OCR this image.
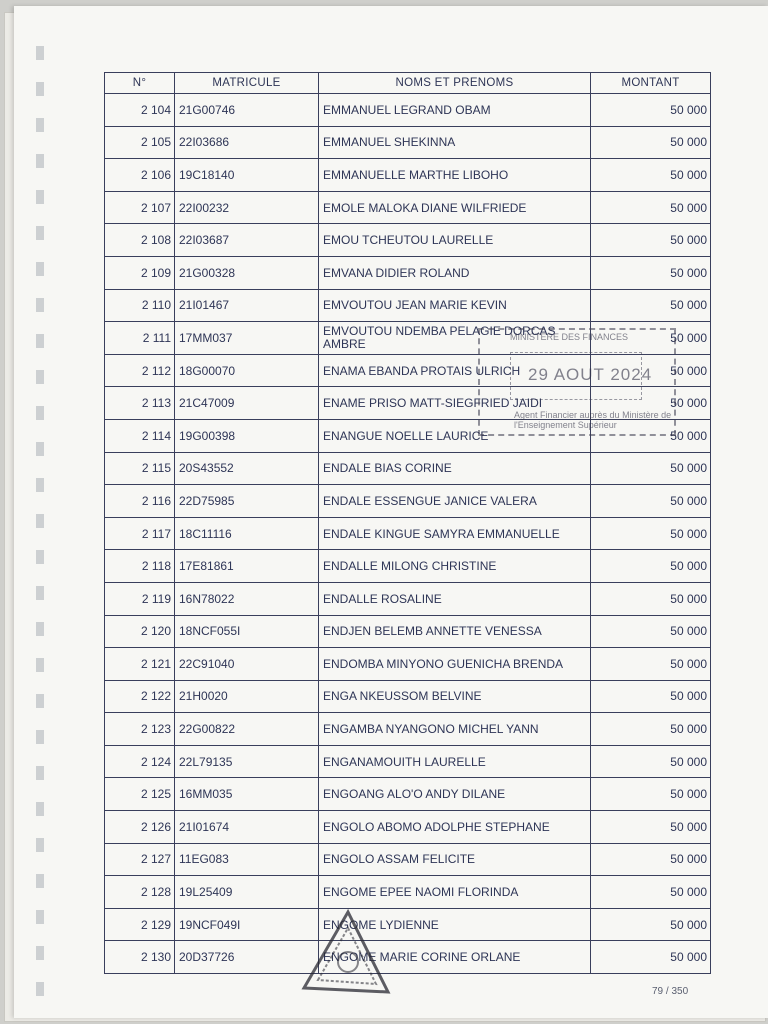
N°	MATRICULE	NOMS ET PRENOMS	MONTANT
2 104	21G00746	EMMANUEL LEGRAND OBAM	50 000
2 105	22I03686	EMMANUEL SHEKINNA	50 000
2 106	19C18140	EMMANUELLE MARTHE LIBOHO	50 000
2 107	22I00232	EMOLE MALOKA DIANE WILFRIEDE	50 000
2 108	22I03687	EMOU TCHEUTOU LAURELLE	50 000
2 109	21G00328	EMVANA DIDIER ROLAND	50 000
2 110	21I01467	EMVOUTOU JEAN MARIE KEVIN	50 000
2 111	17MM037	EMVOUTOU NDEMBA PELAGIE DORCAS AMBRE	50 000
2 112	18G00070	ENAMA EBANDA PROTAIS ULRICH	50 000
2 113	21C47009	ENAME PRISO MATT-SIEGFRIED JAIDI	50 000
2 114	19G00398	ENANGUE NOELLE LAURICE	50 000
2 115	20S43552	ENDALE BIAS CORINE	50 000
2 116	22D75985	ENDALE ESSENGUE JANICE VALERA	50 000
2 117	18C11116	ENDALE KINGUE SAMYRA EMMANUELLE	50 000
2 118	17E81861	ENDALLE MILONG CHRISTINE	50 000
2 119	16N78022	ENDALLE ROSALINE	50 000
2 120	18NCF055I	ENDJEN BELEMB ANNETTE VENESSA	50 000
2 121	22C91040	ENDOMBA MINYONO GUENICHA BRENDA	50 000
2 122	21H0020	ENGA NKEUSSOM BELVINE	50 000
2 123	22G00822	ENGAMBA NYANGONO MICHEL YANN	50 000
2 124	22L79135	ENGANAMOUITH LAURELLE	50 000
2 125	16MM035	ENGOANG ALO'O ANDY DILANE	50 000
2 126	21I01674	ENGOLO ABOMO ADOLPHE STEPHANE	50 000
2 127	11EG083	ENGOLO ASSAM FELICITE	50 000
2 128	19L25409	ENGOME EPEE NAOMI FLORINDA	50 000
2 129	19NCF049I	ENGOME LYDIENNE	50 000
2 130	20D37726	ENGOME MARIE CORINE ORLANE	50 000
MINISTERE DES FINANCES
29 AOUT 2024
Agent Financier auprès du Ministère de l'Enseignement Supérieur
79 / 350
